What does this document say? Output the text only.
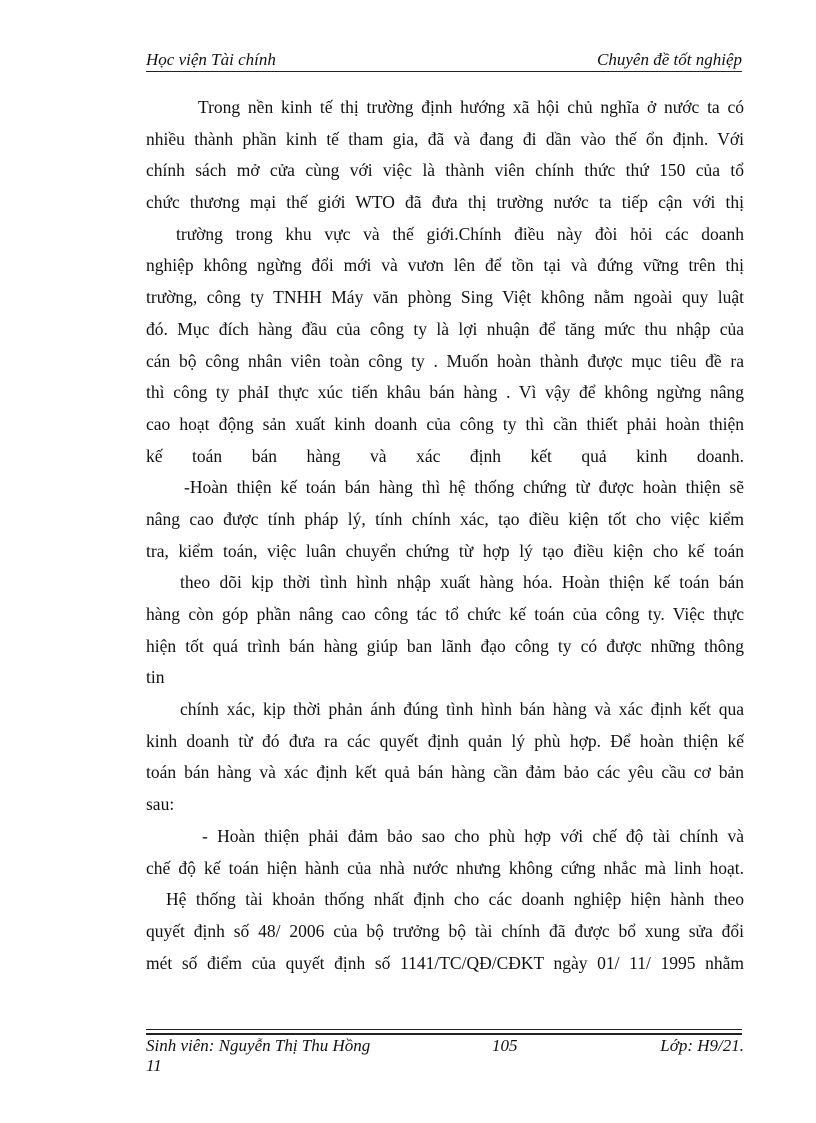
Học viện Tài chính	Chuyên đề tốt nghiệp
Trong nền kinh tế thị trường định hướng xã hội chủ nghĩa ở nước ta có
nhiều thành phần kinh tế tham gia, đã và đang đi dần vào thế ổn định. Với
chính sách mở cửa cùng với việc là thành viên chính thức thứ 150 của tổ
chức thương mại thế giới WTO đã đưa thị trường nước ta tiếp cận với thị
trường trong khu vực và thế giới.Chính điều này đòi hỏi các doanh
nghiệp không ngừng đổi mới và vươn lên để tồn tại và đứng vững trên thị
trường, công ty TNHH Máy văn phòng Sing Việt không nằm ngoài quy luật
đó. Mục đích hàng đầu của công ty là lợi nhuận để tăng mức thu nhập của
cán bộ công nhân viên toàn công ty . Muốn hoàn thành được mục tiêu đề ra
thì công ty phảI thực xúc tiến khâu bán hàng . Vì vậy để không ngừng nâng
cao hoạt động sản xuất kinh doanh của công ty thì cần thiết phải hoàn thiện
kế toán bán hàng và xác định kết quả kinh doanh.
-Hoàn thiện kế toán bán hàng thì hệ thống chứng từ được hoàn thiện sẽ
nâng cao được tính pháp lý, tính chính xác, tạo điều kiện tốt cho việc kiểm
tra, kiểm toán, việc luân chuyển chứng từ hợp lý tạo điều kiện cho kế toán
theo dõi kịp thời tình hình nhập xuất hàng hóa. Hoàn thiện kế toán bán
hàng còn góp phần nâng cao công tác tổ chức kế toán của công ty. Việc thực
hiện tốt quá trình bán hàng giúp ban lãnh đạo công ty có được những thông
tin
chính xác, kịp thời phản ánh đúng tình hình bán hàng và xác định kết qua
kinh doanh từ đó đưa ra các quyết định quản lý phù hợp. Để hoàn thiện kế
toán bán hàng và xác định kết quả bán hàng cần đảm bảo các yêu cầu cơ bản
sau:
- Hoàn thiện phải đảm bảo sao cho phù hợp với chế độ tài chính và
chế độ kế toán hiện hành của nhà nước nhưng không cứng nhắc mà linh hoạt.
Hệ thống tài khoản thống nhất định cho các doanh nghiệp hiện hành theo
quyết định số 48/ 2006 của bộ trưởng bộ tài chính đã được bổ xung sửa đổi
mét số điểm của quyết định số 1141/TC/QĐ/CĐKT ngày 01/ 11/ 1995 nhằm
Sinh viên: Nguyễn Thị Thu Hồng	105	Lớp: H9/21.
11
